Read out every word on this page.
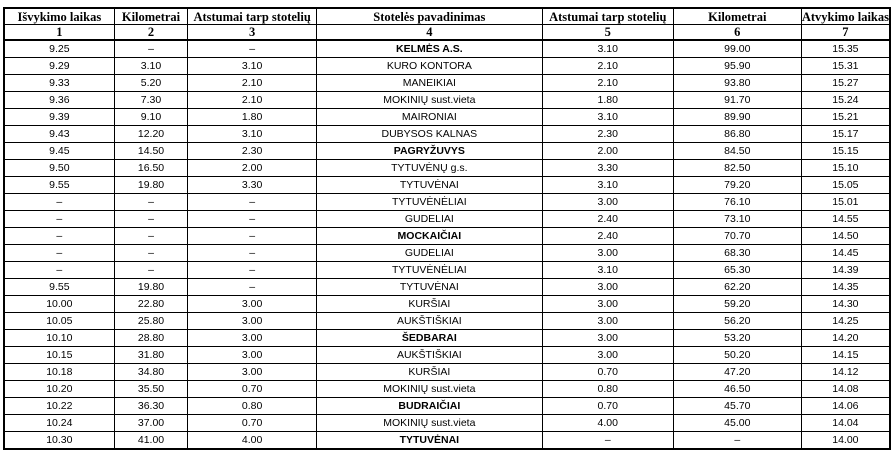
Išvykimo laikas	Kilometrai	Atstumai tarp stotelių	Stotelės pavadinimas	Atstumai tarp stotelių	Kilometrai	Atvykimo laikas
1	2	3	4	5	6	7
9.25	–	–	KELMĖS A.S.	3.10	99.00	15.35
9.29	3.10	3.10	KURO KONTORA	2.10	95.90	15.31
9.33	5.20	2.10	MANEIKIAI	2.10	93.80	15.27
9.36	7.30	2.10	MOKINIŲ sust.vieta	1.80	91.70	15.24
9.39	9.10	1.80	MAIRONIAI	3.10	89.90	15.21
9.43	12.20	3.10	DUBYSOS KALNAS	2.30	86.80	15.17
9.45	14.50	2.30	PAGRYŽUVYS	2.00	84.50	15.15
9.50	16.50	2.00	TYTUVĖNŲ g.s.	3.30	82.50	15.10
9.55	19.80	3.30	TYTUVĖNAI	3.10	79.20	15.05
–	–	–	TYTUVĖNĖLIAI	3.00	76.10	15.01
–	–	–	GUDELIAI	2.40	73.10	14.55
–	–	–	MOCKAIČIAI	2.40	70.70	14.50
–	–	–	GUDELIAI	3.00	68.30	14.45
–	–	–	TYTUVĖNĖLIAI	3.10	65.30	14.39
9.55	19.80	–	TYTUVĖNAI	3.00	62.20	14.35
10.00	22.80	3.00	KURŠIAI	3.00	59.20	14.30
10.05	25.80	3.00	AUKŠTIŠKIAI	3.00	56.20	14.25
10.10	28.80	3.00	ŠEDBARAI	3.00	53.20	14.20
10.15	31.80	3.00	AUKŠTIŠKIAI	3.00	50.20	14.15
10.18	34.80	3.00	KURŠIAI	0.70	47.20	14.12
10.20	35.50	0.70	MOKINIŲ sust.vieta	0.80	46.50	14.08
10.22	36.30	0.80	BUDRAIČIAI	0.70	45.70	14.06
10.24	37.00	0.70	MOKINIŲ sust.vieta	4.00	45.00	14.04
10.30	41.00	4.00	TYTUVĖNAI	–	–	14.00
